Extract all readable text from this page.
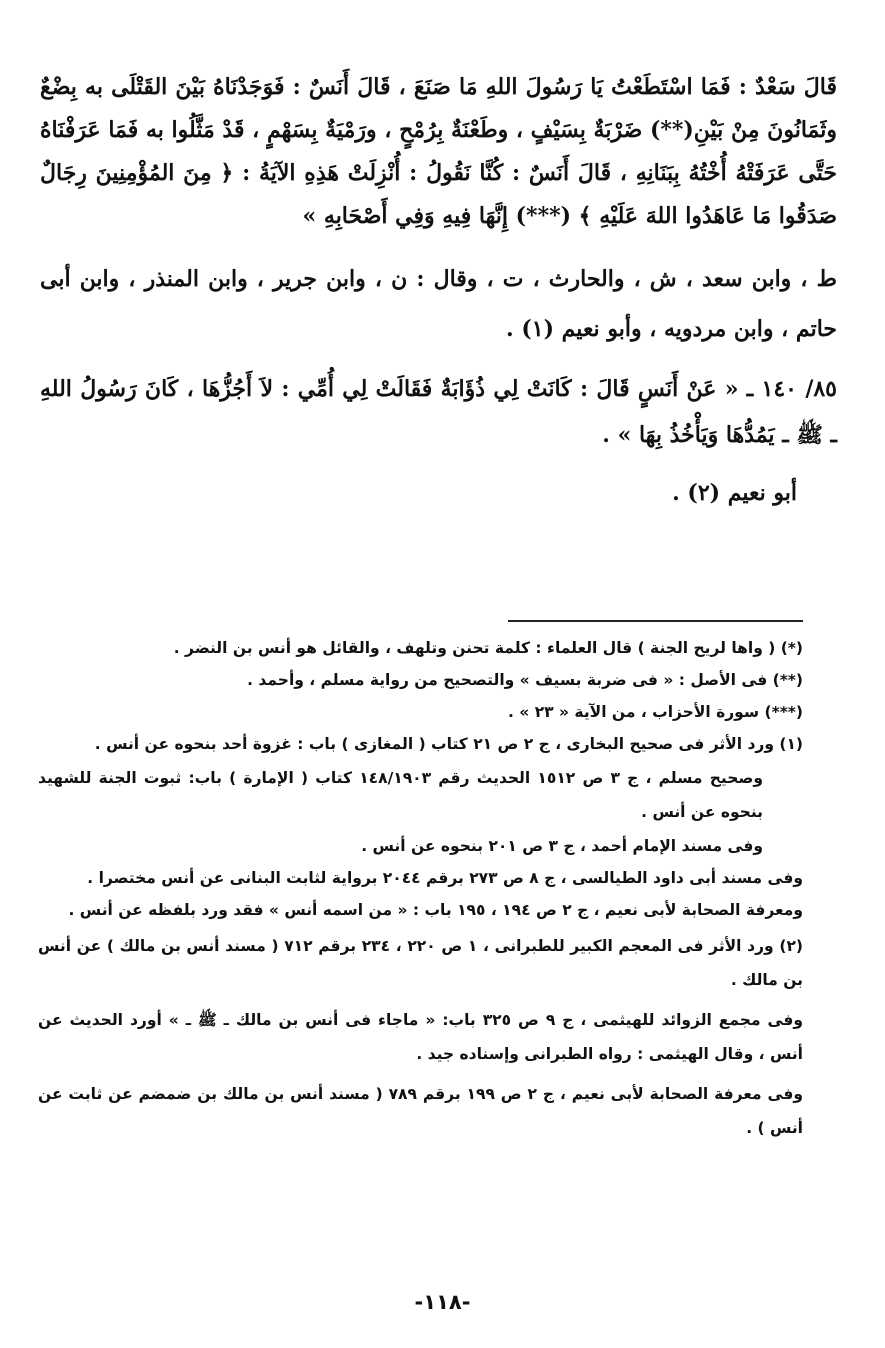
قَالَ سَعْدٌ : فَمَا اسْتَطَعْتُ يَا رَسُولَ اللهِ مَا صَنَعَ ، قَالَ أَنَسٌ : فَوَجَدْنَاهُ بَيْنَ القَتْلَى به بِضْعٌ وثَمَانُونَ مِنْ بَيْنِ(**) ضَرْبَةٌ بِسَيْفٍ ، وطَعْنَةٌ بِرُمْحٍ ، ورَمْيَةٌ بِسَهْمٍ ، قَدْ مَثَّلُوا به فَمَا عَرَفْنَاهُ حَتَّى عَرَفَتْهُ أُخْتُهُ بِبَنَانِهِ ، قَالَ أَنَسٌ : كُنَّا نَقُولُ : أُنْزِلَتْ هَذِهِ الآيَةُ : ﴿ مِنَ المُؤْمِنِينَ رِجَالٌ صَدَقُوا مَا عَاهَدُوا اللهَ عَلَيْهِ ﴾ (***) إِنَّهَا فِيهِ وَفِي أَصْحَابِهِ »

ط ، وابن سعد ، ش ، والحارث ، ت ، وقال : ن ، وابن جرير ، وابن المنذر ، وابن أبى حاتم ، وابن مردويه ، وأبو نعيم (١) .

٨٥/ ١٤٠ ـ « عَنْ أَنَسٍ قَالَ : كَانَتْ لِي ذُؤَابَةٌ فَقَالَتْ لِي أُمِّي : لاَ أَجُزُّهَا ، كَانَ رَسُولُ اللهِ ـ ﷺ ـ يَمُدُّهَا وَيَأْخُذُ بِهَا » .

أبو نعيم (٢) .

(*) ( واها لريح الجنة ) قال العلماء : كلمة تحنن وتلهف ، والقائل هو أنس بن النضر .

(**) فى الأصل : « فى ضربة بسيف » والتصحيح من رواية مسلم ، وأحمد .

(***) سورة الأحزاب ، من الآية « ٢٣ » .

(١) ورد الأثر فى صحيح البخارى ، ج ٢ ص ٢١ كتاب ( المغازى ) باب : غزوة أحد بنحوه عن أنس .

وصحيح مسلم ، ج ٣ ص ١٥١٢ الحديث رقم ١٤٨/١٩٠٣ كتاب ( الإمارة ) باب: ثبوت الجنة للشهيد بنحوه عن أنس .

وفى مسند الإمام أحمد ، ج ٣ ص ٢٠١ بنحوه عن أنس .

وفى مسند أبى داود الطيالسى ، ج ٨ ص ٢٧٣ برقم ٢٠٤٤ برواية لثابت البنانى عن أنس مختصرا .

ومعرفة الصحابة لأبى نعيم ، ج ٢ ص ١٩٤ ، ١٩٥ باب : « من اسمه أنس » فقد ورد بلفظه عن أنس .

(٢) ورد الأثر فى المعجم الكبير للطبرانى ، ١ ص ٢٢٠ ، ٢٣٤ برقم ٧١٢ ( مسند أنس بن مالك ) عن أنس بن مالك .

وفى مجمع الزوائد للهيثمى ، ج ٩ ص ٣٢٥ باب: « ماجاء فى أنس بن مالك ـ ﷺ ـ » أورد الحديث عن أنس ، وقال الهيثمى : رواه الطبرانى وإسناده جيد .

وفى معرفة الصحابة لأبى نعيم ، ج ٢ ص ١٩٩ برقم ٧٨٩ ( مسند أنس بن مالك بن ضمضم عن ثابت عن أنس ) .

-١١٨-
